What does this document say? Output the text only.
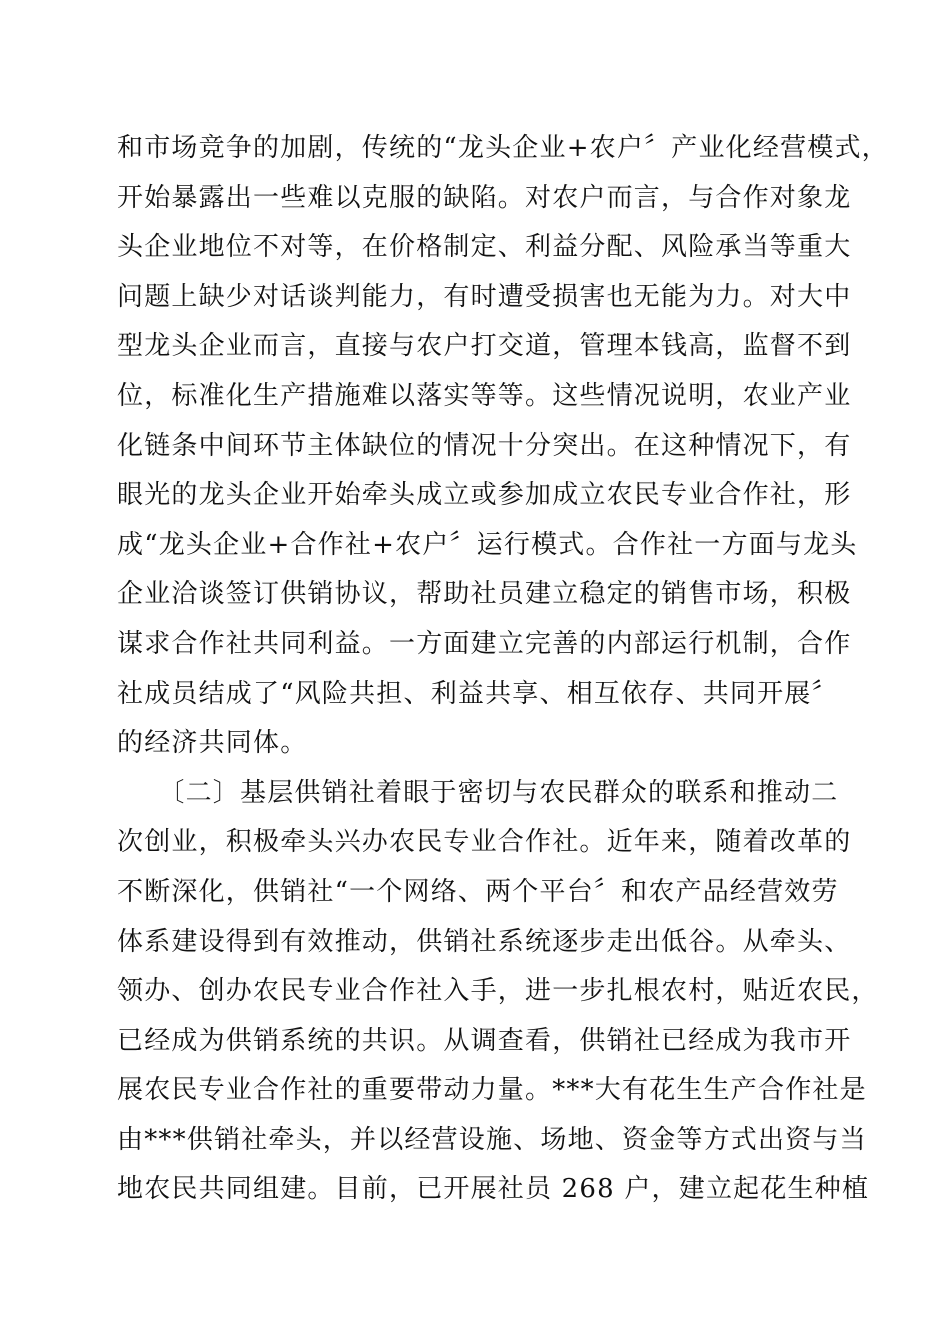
和市场竞争的加剧，传统的“龙头企业+农户〞产业化经营模式，
开始暴露出一些难以克服的缺陷。对农户而言，与合作对象龙
头企业地位不对等，在价格制定、利益分配、风险承当等重大
问题上缺少对话谈判能力，有时遭受损害也无能为力。对大中
型龙头企业而言，直接与农户打交道，管理本钱高，监督不到
位，标准化生产措施难以落实等等。这些情况说明，农业产业
化链条中间环节主体缺位的情况十分突出。在这种情况下，有
眼光的龙头企业开始牵头成立或参加成立农民专业合作社，形
成“龙头企业+合作社+农户〞运行模式。合作社一方面与龙头
企业洽谈签订供销协议，帮助社员建立稳定的销售市场，积极
谋求合作社共同利益。一方面建立完善的内部运行机制，合作
社成员结成了“风险共担、利益共享、相互依存、共同开展〞
的经济共同体。
　　〔二〕基层供销社着眼于密切与农民群众的联系和推动二
次创业，积极牵头兴办农民专业合作社。近年来，随着改革的
不断深化，供销社“一个网络、两个平台〞和农产品经营效劳
体系建设得到有效推动，供销社系统逐步走出低谷。从牵头、
领办、创办农民专业合作社入手，进一步扎根农村，贴近农民，
已经成为供销系统的共识。从调查看，供销社已经成为我市开
展农民专业合作社的重要带动力量。***大有花生生产合作社是
由***供销社牵头，并以经营设施、场地、资金等方式出资与当
地农民共同组建。目前，已开展社员 268 户，建立起花生种植
